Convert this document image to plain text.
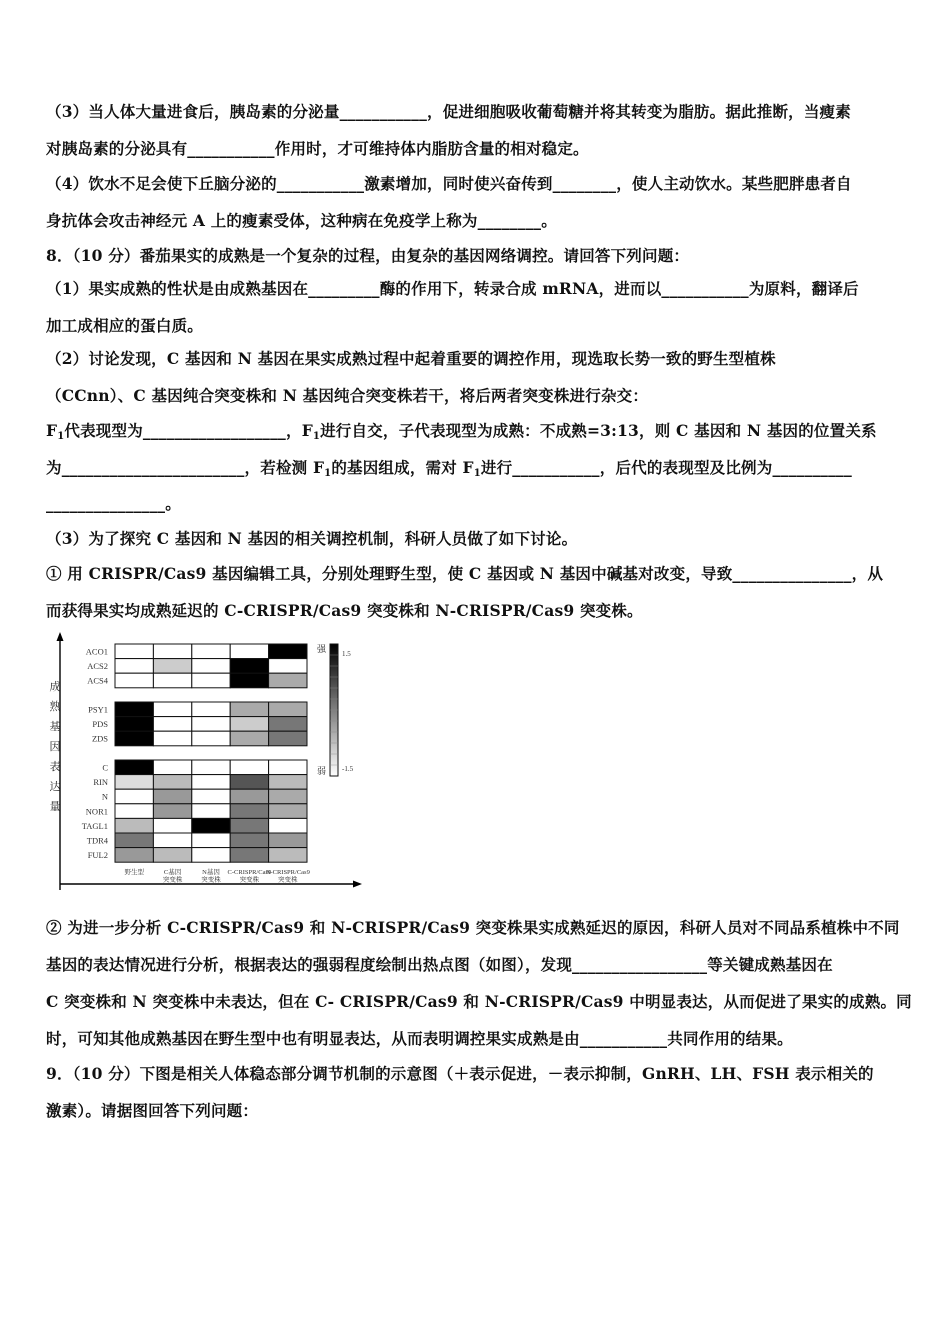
（3）当人体大量进食后，胰岛素的分泌量___________，促进细胞吸收葡萄糖并将其转变为脂肪。据此推断，当瘦素
对胰岛素的分泌具有___________作用时，才可维持体内脂肪含量的相对稳定。
（4）饮水不足会使下丘脑分泌的___________激素增加，同时使兴奋传到________，使人主动饮水。某些肥胖患者自
身抗体会攻击神经元 A 上的瘦素受体，这种病在免疫学上称为________。
8．（10 分）番茄果实的成熟是一个复杂的过程，由复杂的基因网络调控。请回答下列问题：
（1）果实成熟的性状是由成熟基因在_________酶的作用下，转录合成 mRNA，进而以___________为原料，翻译后
加工成相应的蛋白质。
（2）讨论发现，C 基因和 N 基因在果实成熟过程中起着重要的调控作用，现选取长势一致的野生型植株
（CCnn）、C 基因纯合突变株和 N 基因纯合突变株若干，将后两者突变株进行杂交：
$F_1$代表现型为__________________，$F_1$进行自交，子代表现型为成熟：不成熟=3:13，则 C 基因和 N 基因的位置关系
为_______________________，若检测 $F_1$的基因组成，需对 $F_1$进行___________，后代的表现型及比例为__________
_______________。
（3）为了探究 C 基因和 N 基因的相关调控机制，科研人员做了如下讨论。
① 用 CRISPR/Cas9 基因编辑工具，分别处理野生型，使 C 基因或 N 基因中碱基对改变，导致_______________，从
而获得果实均成熟延迟的 C-CRISPR/Cas9 突变株和 N-CRISPR/Cas9 突变株。
成
熟
基
因
表
达
量
ACO1
ACS2
ACS4
PSY1
PDS
ZDS
C
RIN
N
NOR1
TAGL1
TDR4
FUL2
野生型	C基因突变株
N基因突变株
C-CRISPR/Cas9 突变株
N-CRISPR/Cas9 突变株
强
弱
1.5
-1.5
② 为进一步分析 C-CRISPR/Cas9 和 N-CRISPR/Cas9 突变株果实成熟延迟的原因，科研人员对不同品系植株中不同
基因的表达情况进行分析，根据表达的强弱程度绘制出热点图（如图），发现_________________等关键成熟基因在
C 突变株和 N 突变株中未表达，但在 C- CRISPR/Cas9 和 N-CRISPR/Cas9 中明显表达，从而促进了果实的成熟。同
时，可知其他成熟基因在野生型中也有明显表达，从而表明调控果实成熟是由___________共同作用的结果。
9．（10 分）下图是相关人体稳态部分调节机制的示意图（＋表示促进，－表示抑制，GnRH、LH、FSH 表示相关的
激素）。请据图回答下列问题：
